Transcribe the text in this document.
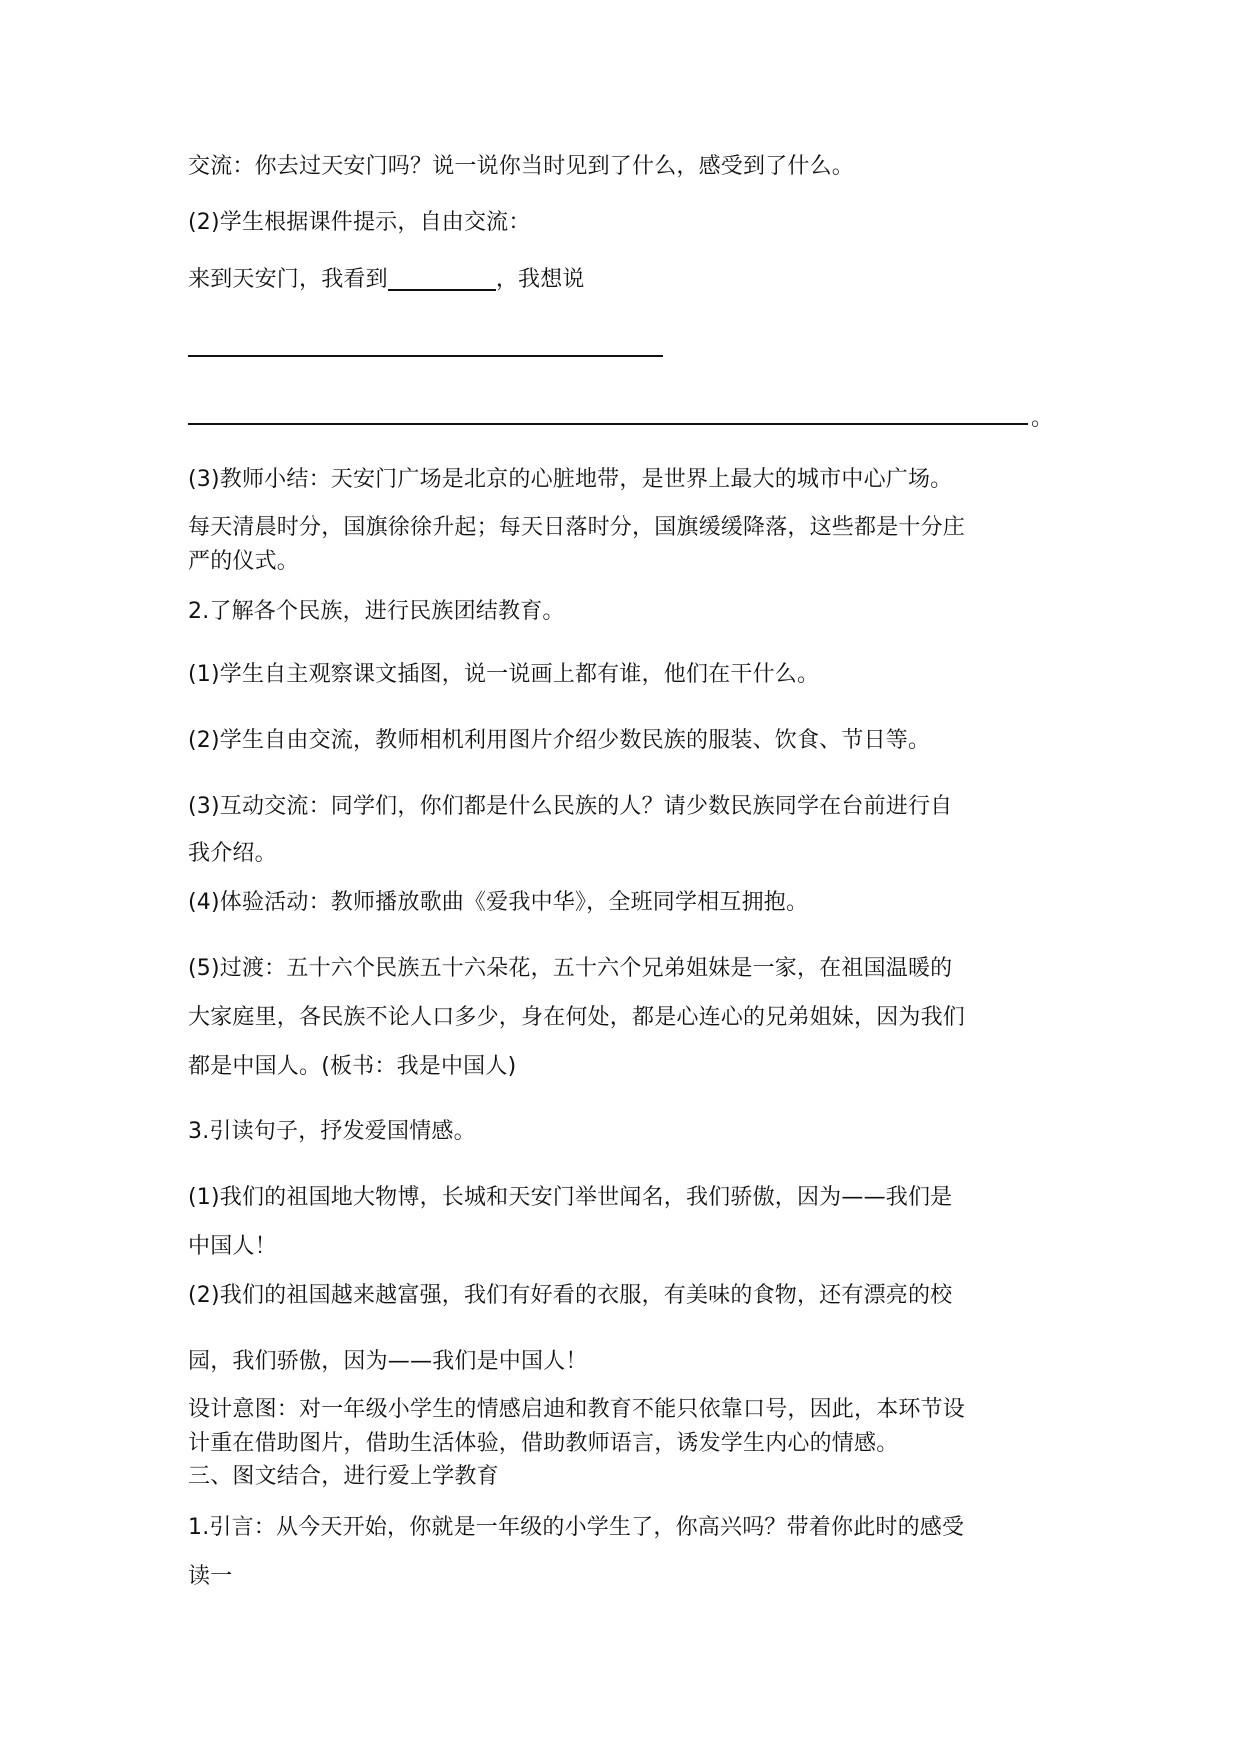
交流：你去过天安门吗？说一说你当时见到了什么，感受到了什么。
(2)学生根据课件提示，自由交流：
来到天安门，我看到	，我想说
。
(3)教师小结：天安门广场是北京的心脏地带，是世界上最大的城市中心广场。
每天清晨时分，国旗徐徐升起；每天日落时分，国旗缓缓降落，这些都是十分庄
严的仪式。
2.了解各个民族，进行民族团结教育。
(1)学生自主观察课文插图，说一说画上都有谁，他们在干什么。
(2)学生自由交流，教师相机利用图片介绍少数民族的服装、饮食、节日等。
(3)互动交流：同学们，你们都是什么民族的人？请少数民族同学在台前进行自
我介绍。
(4)体验活动：教师播放歌曲《爱我中华》，全班同学相互拥抱。
(5)过渡：五十六个民族五十六朵花，五十六个兄弟姐妹是一家，在祖国温暖的
大家庭里，各民族不论人口多少，身在何处，都是心连心的兄弟姐妹，因为我们
都是中国人。(板书：我是中国人)
3.引读句子，抒发爱国情感。
(1)我们的祖国地大物博，长城和天安门举世闻名，我们骄傲，因为——我们是
中国人！
(2)我们的祖国越来越富强，我们有好看的衣服，有美味的食物，还有漂亮的校
园，我们骄傲，因为——我们是中国人！
设计意图：对一年级小学生的情感启迪和教育不能只依靠口号，因此，本环节设
计重在借助图片，借助生活体验，借助教师语言，诱发学生内心的情感。
三、图文结合，进行爱上学教育
1.引言：从今天开始，你就是一年级的小学生了，你高兴吗？带着你此时的感受
读一
